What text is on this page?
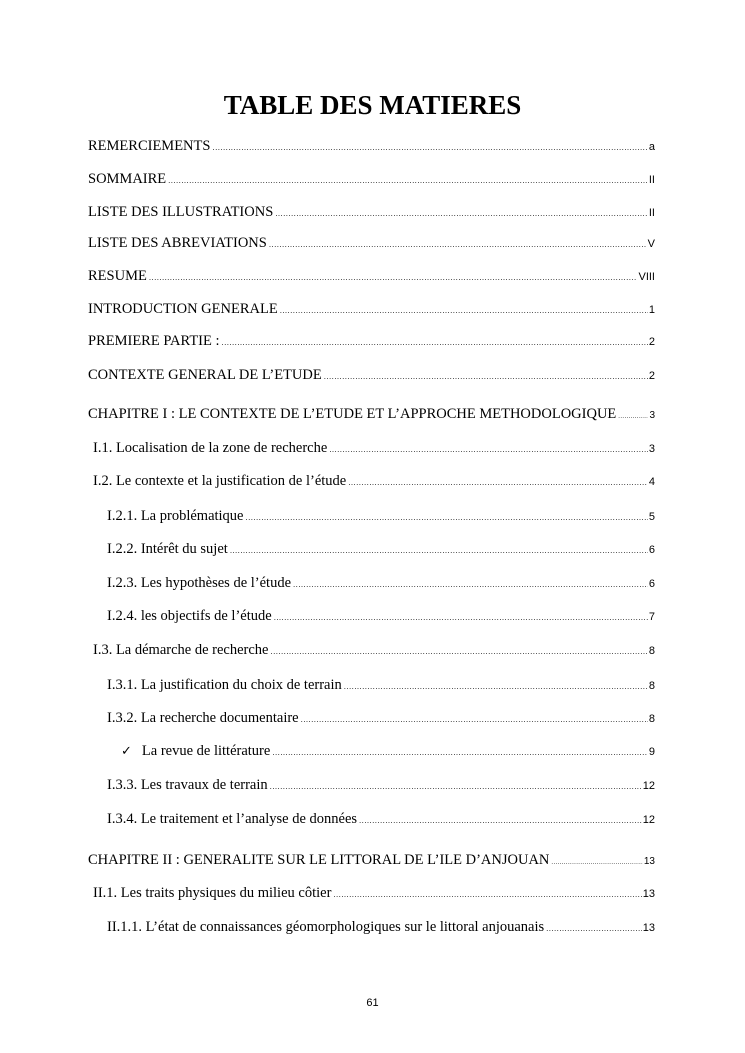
TABLE DES MATIERES
REMERCIEMENTS .....	a
SOMMAIRE .....	II
LISTE DES ILLUSTRATIONS .....	II
LISTE DES ABREVIATIONS .....	V
RESUME .....	VIII
INTRODUCTION GENERALE .....	1
PREMIERE PARTIE : .....	2
CONTEXTE GENERAL DE L’ETUDE .....	2
CHAPITRE I : LE CONTEXTE DE L’ETUDE ET L’APPROCHE METHODOLOGIQUE .....	3
I.1. Localisation de la zone de recherche .....	3
I.2. Le contexte et la justification de l’étude .....	4
I.2.1. La problématique .....	5
I.2.2. Intérêt du sujet .....	6
I.2.3. Les hypothèses de l’étude .....	6
I.2.4. les objectifs de l’étude .....	7
I.3. La démarche de recherche .....	8
I.3.1. La justification du choix de terrain .....	8
I.3.2. La recherche documentaire .....	8
✓ La revue de littérature .....	9
I.3.3. Les travaux de terrain .....	12
I.3.4. Le traitement et l’analyse de données .....	12
CHAPITRE II : GENERALITE SUR LE LITTORAL DE L’ILE D’ANJOUAN .....	13
II.1. Les traits physiques du milieu côtier .....	13
II.1.1. L’état de connaissances géomorphologiques sur le littoral anjouanais .....	13
61
